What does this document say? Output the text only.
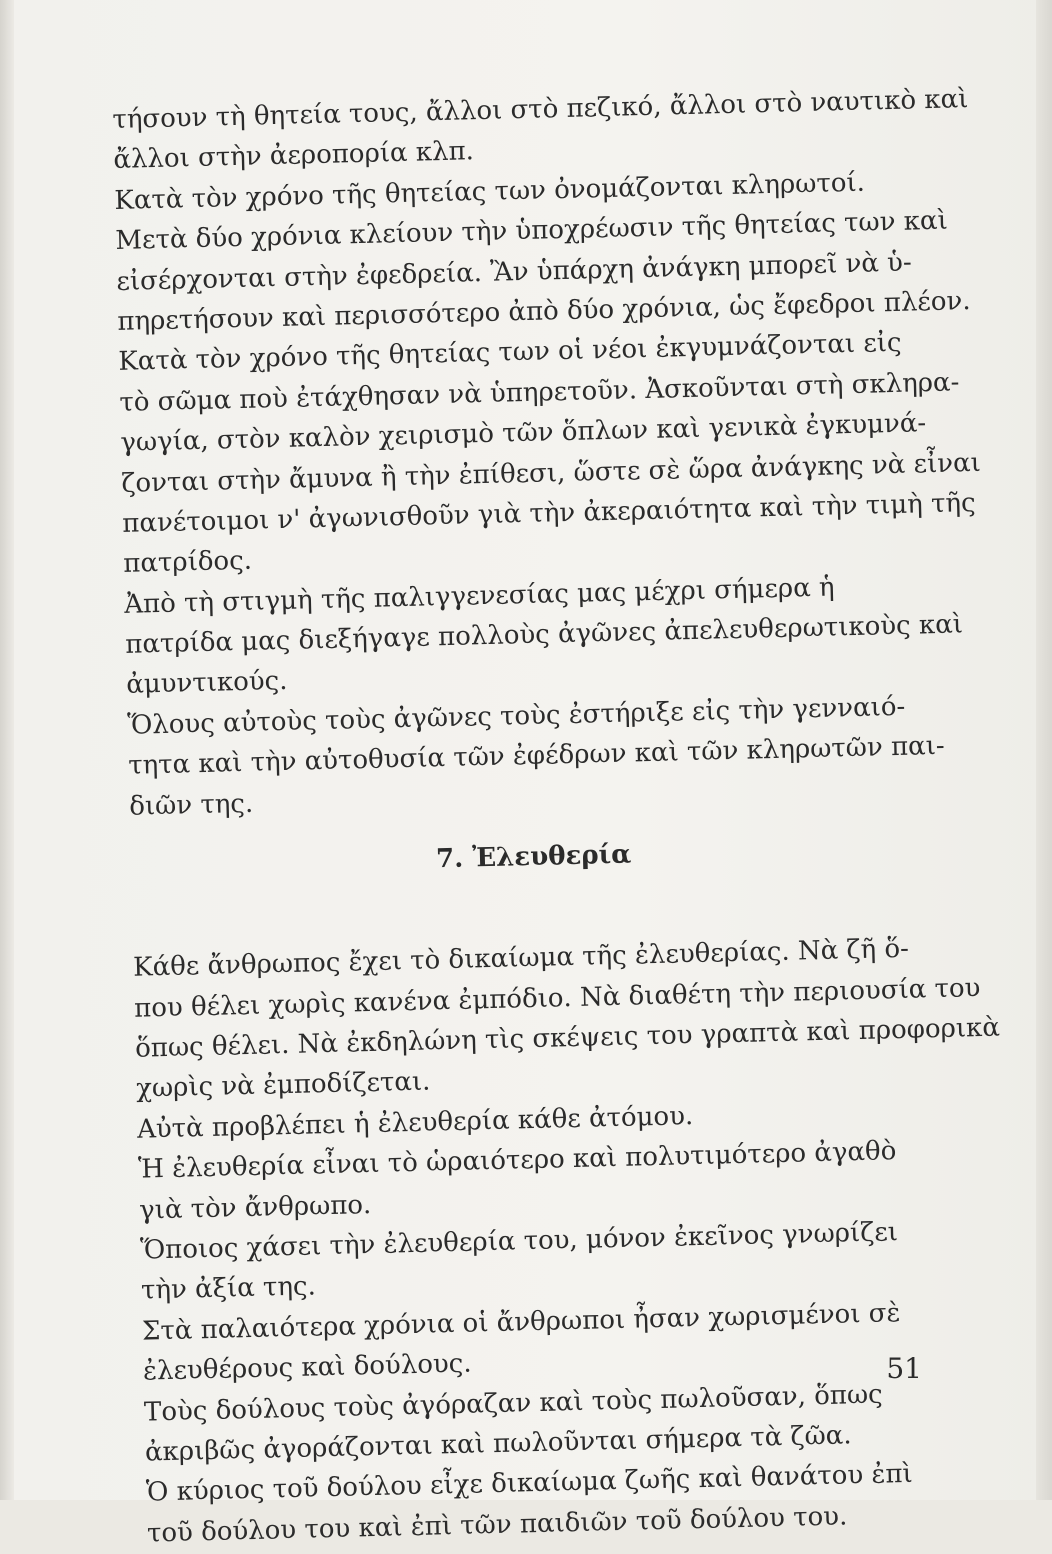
τήσουν τὴ θητεία τους, ἄλλοι στὸ πεζικό, ἄλλοι στὸ ναυτικὸ καὶ
ἄλλοι στὴν ἀεροπορία κλπ.
Κατὰ τὸν χρόνο τῆς θητείας των ὀνομάζονται κληρωτοί.
Μετὰ δύο χρόνια κλείουν τὴν ὑποχρέωσιν τῆς θητείας των καὶ
εἰσέρχονται στὴν ἐφεδρεία. Ἂν ὑπάρχη ἀνάγκη μπορεῖ νὰ ὑ-
πηρετήσουν καὶ περισσότερο ἀπὸ δύο χρόνια, ὡς ἔφεδροι πλέον.
Κατὰ τὸν χρόνο τῆς θητείας των οἱ νέοι ἐκγυμνάζονται εἰς
τὸ σῶμα ποὺ ἐτάχθησαν νὰ ὑπηρετοῦν. Ἀσκοῦνται στὴ σκληρα-
γωγία, στὸν καλὸν χειρισμὸ τῶν ὅπλων καὶ γενικὰ ἐγκυμνά-
ζονται στὴν ἄμυνα ἢ τὴν ἐπίθεσι, ὥστε σὲ ὥρα ἀνάγκης νὰ εἶναι
πανέτοιμοι ν' ἀγωνισθοῦν γιὰ τὴν ἀκεραιότητα καὶ τὴν τιμὴ τῆς
πατρίδος.
Ἀπὸ τὴ στιγμὴ τῆς παλιγγενεσίας μας μέχρι σήμερα ἡ
πατρίδα μας διεξήγαγε πολλοὺς ἀγῶνες ἀπελευθερωτικοὺς καὶ
ἀμυντικούς.
Ὅλους αὐτοὺς τοὺς ἀγῶνες τοὺς ἐστήριξε εἰς τὴν γενναιό-
τητα καὶ τὴν αὐτοθυσία τῶν ἐφέδρων καὶ τῶν κληρωτῶν παι-
διῶν της.
7. Ἐλευθερία
Κάθε ἄνθρωπος ἔχει τὸ δικαίωμα τῆς ἐλευθερίας. Νὰ ζῆ ὅ-
που θέλει χωρὶς κανένα ἐμπόδιο. Νὰ διαθέτη τὴν περιουσία του
ὅπως θέλει. Νὰ ἐκδηλώνη τὶς σκέψεις του γραπτὰ καὶ προφορικὰ
χωρὶς νὰ ἐμποδίζεται.
Αὐτὰ προβλέπει ἡ ἐλευθερία κάθε ἀτόμου.
Ἡ ἐλευθερία εἶναι τὸ ὡραιότερο καὶ πολυτιμότερο ἀγαθὸ
γιὰ τὸν ἄνθρωπο.
Ὅποιος χάσει τὴν ἐλευθερία του, μόνον ἐκεῖνος γνωρίζει
τὴν ἀξία της.
Στὰ παλαιότερα χρόνια οἱ ἄνθρωποι ἦσαν χωρισμένοι σὲ
ἐλευθέρους καὶ δούλους.
Τοὺς δούλους τοὺς ἀγόραζαν καὶ τοὺς πωλοῦσαν, ὅπως
ἀκριβῶς ἀγοράζονται καὶ πωλοῦνται σήμερα τὰ ζῶα.
Ὁ κύριος τοῦ δούλου εἶχε δικαίωμα ζωῆς καὶ θανάτου ἐπὶ
τοῦ δούλου του καὶ ἐπὶ τῶν παιδιῶν τοῦ δούλου του.
51
